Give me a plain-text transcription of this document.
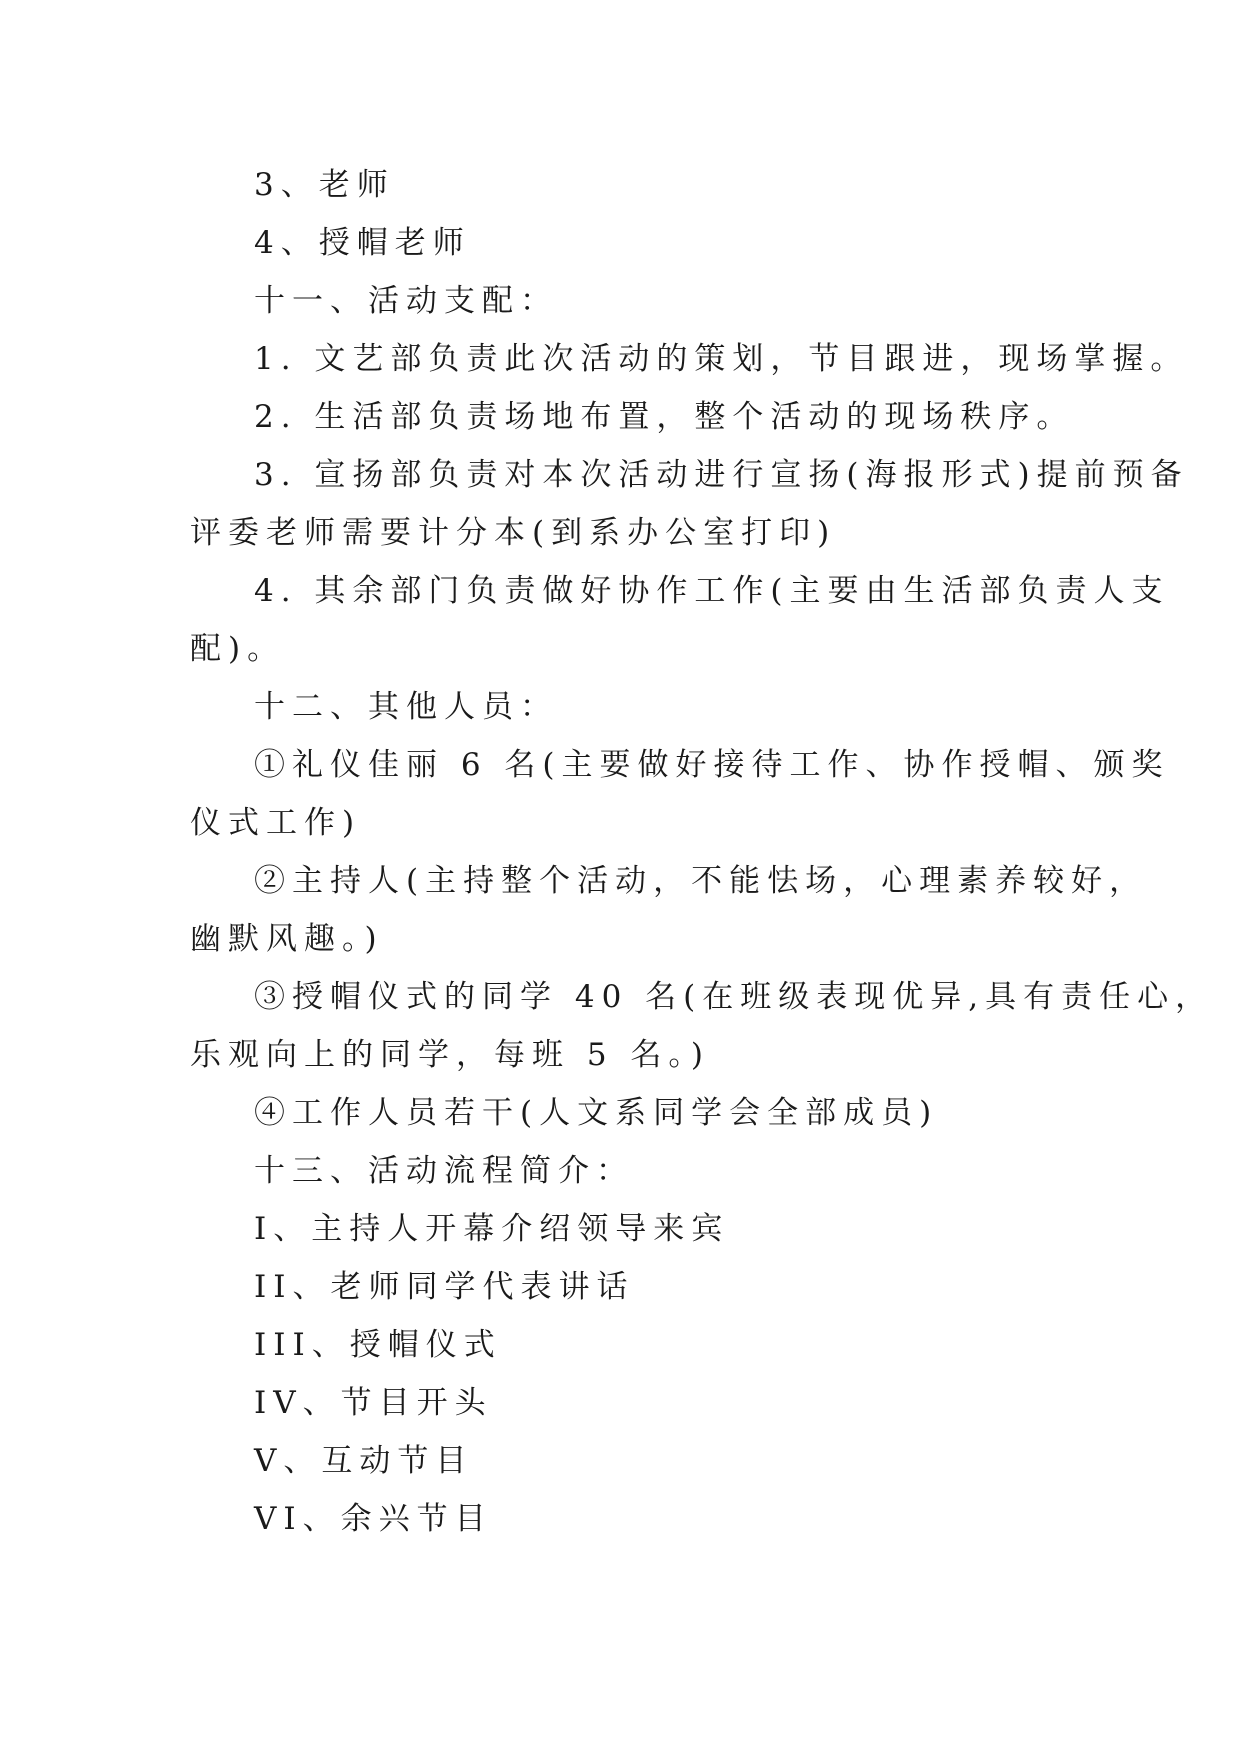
3、老师
4、授帽老师
十一、活动支配：
1. 文艺部负责此次活动的策划，节目跟进，现场掌握。
2. 生活部负责场地布置，整个活动的现场秩序。
3. 宣扬部负责对本次活动进行宣扬(海报形式)提前预备
评委老师需要计分本(到系办公室打印)
4. 其余部门负责做好协作工作(主要由生活部负责人支
配)。
十二、其他人员：
①礼仪佳丽 6 名(主要做好接待工作、协作授帽、颁奖
仪式工作)
②主持人(主持整个活动，不能怯场，心理素养较好，
幽默风趣。)
③授帽仪式的同学 40 名(在班级表现优异,具有责任心，
乐观向上的同学，每班 5 名。)
④工作人员若干(人文系同学会全部成员)
十三、活动流程简介：
I、主持人开幕介绍领导来宾
II、老师同学代表讲话
III、授帽仪式
IV、节目开头
V、互动节目
VI、余兴节目
